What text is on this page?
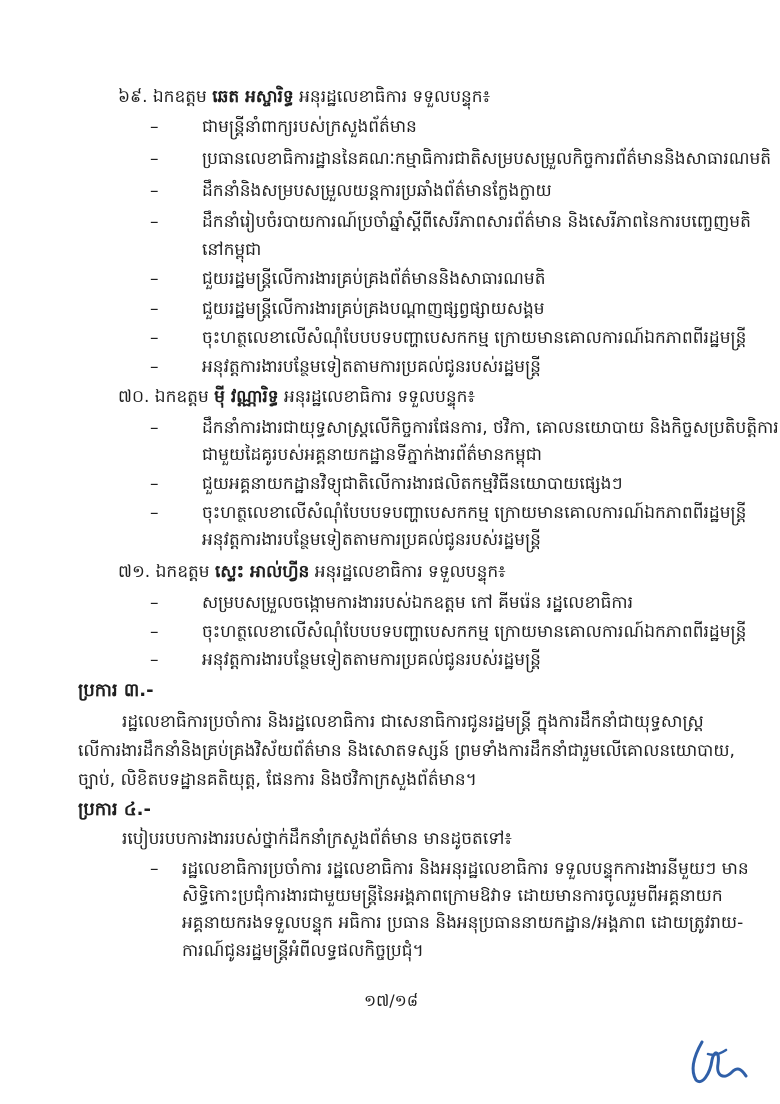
៦៩. ឯកឧត្តម ឆេត អស្ចារិទ្ធ អនុរដ្ឋលេខាធិការ ទទួលបន្ទុក៖
–	ជាមន្ត្រីនាំពាក្យរបស់ក្រសួងព័ត៌មាន
–	ប្រធានលេខាធិការដ្ឋាននៃគណៈកម្មាធិការជាតិសម្របសម្រួលកិច្ចការព័ត៌មាននិងសាធារណមតិ
–	ដឹកនាំនិងសម្របសម្រួលយន្តការប្រឆាំងព័ត៌មានក្លែងក្លាយ
–	ដឹកនាំរៀបចំរបាយការណ៍ប្រចាំឆ្នាំស្តីពីសេរីភាពសារព័ត៌មាន និងសេរីភាពនៃការបញ្ចេញមតិ
នៅកម្ពុជា
–	ជួយរដ្ឋមន្ត្រីលើការងារគ្រប់គ្រងព័ត៌មាននិងសាធារណមតិ
–	ជួយរដ្ឋមន្ត្រីលើការងារគ្រប់គ្រងបណ្តាញផ្សព្វផ្សាយសង្គម
–	ចុះហត្ថលេខាលើសំណុំបែបបទបញ្ហាបេសកកម្ម ក្រោយមានគោលការណ៍ឯកភាពពីរដ្ឋមន្ត្រី
–	អនុវត្តការងារបន្ថែមទៀតតាមការប្រគល់ជូនរបស់រដ្ឋមន្ត្រី
៧០. ឯកឧត្តម ម៉ី វណ្ណារិទ្ធ អនុរដ្ឋលេខាធិការ ទទួលបន្ទុក៖
–	ដឹកនាំការងារជាយុទ្ធសាស្ត្រលើកិច្ចការផែនការ, ថវិកា, គោលនយោបាយ និងកិច្ចសប្រតិបត្តិការ
ជាមួយដៃគូរបស់អគ្គនាយកដ្ឋានទីភ្នាក់ងារព័ត៌មានកម្ពុជា
–	ជួយអគ្គនាយកដ្ឋានវិទ្យុជាតិលើការងារផលិតកម្មវិធីនយោបាយផ្សេងៗ
–	ចុះហត្ថលេខាលើសំណុំបែបបទបញ្ហាបេសកកម្ម ក្រោយមានគោលការណ៍ឯកភាពពីរដ្ឋមន្ត្រី
អនុវត្តការងារបន្ថែមទៀតតាមការប្រគល់ជូនរបស់រដ្ឋមន្ត្រី
៧១. ឯកឧត្តម ស្ទេះ អាល់ហ្វីន អនុរដ្ឋលេខាធិការ ទទួលបន្ទុក៖
–	សម្របសម្រួលចង្កោមការងាររបស់ឯកឧត្តម កៅ គីមរ៉េន រដ្ឋលេខាធិការ
–	ចុះហត្ថលេខាលើសំណុំបែបបទបញ្ហាបេសកកម្ម ក្រោយមានគោលការណ៍ឯកភាពពីរដ្ឋមន្ត្រី
–	អនុវត្តការងារបន្ថែមទៀតតាមការប្រគល់ជូនរបស់រដ្ឋមន្ត្រី
ប្រការ ៣.-
រដ្ឋលេខាធិការប្រចាំការ និងរដ្ឋលេខាធិការ ជាសេនាធិការជូនរដ្ឋមន្ត្រី ក្នុងការដឹកនាំជាយុទ្ធសាស្ត្រ
លើការងារដឹកនាំនិងគ្រប់គ្រងវិស័យព័ត៌មាន និងសោតទស្សន៍ ព្រមទាំងការដឹកនាំជារួមលើគោលនយោបាយ,
ច្បាប់, លិខិតបទដ្ឋានគតិយុត្ត, ផែនការ និងថវិកាក្រសួងព័ត៌មាន។
ប្រការ ៤.-
របៀបរបបការងាររបស់ថ្នាក់ដឹកនាំក្រសួងព័ត៌មាន មានដូចតទៅ៖
– រដ្ឋលេខាធិការប្រចាំការ រដ្ឋលេខាធិការ និងអនុរដ្ឋលេខាធិការ ទទួលបន្ទុកការងារនីមួយៗ មាន
សិទ្ធិកោះប្រជុំការងារជាមួយមន្ត្រីនៃអង្គភាពក្រោមឱវាទ ដោយមានការចូលរួមពីអគ្គនាយក
អគ្គនាយករងទទួលបន្ទុក អធិការ ប្រធាន និងអនុប្រធាននាយកដ្ឋាន/អង្គភាព ដោយត្រូវរាយ-
ការណ៍ជូនរដ្ឋមន្ត្រីអំពីលទ្ធផលកិច្ចប្រជុំ។
១៧/១៨
